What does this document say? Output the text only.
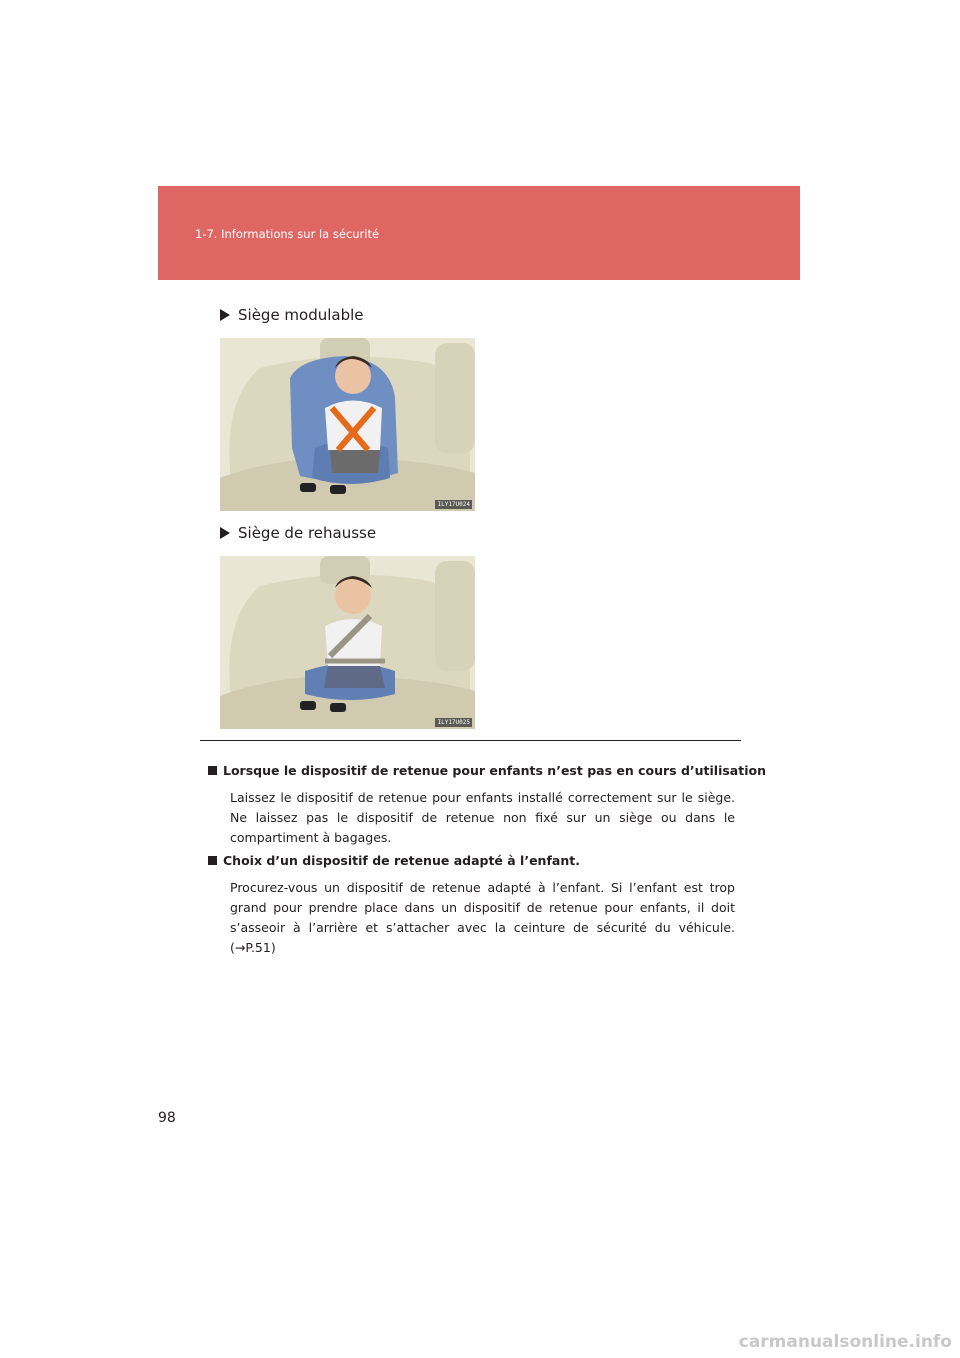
1-7. Informations sur la sécurité
Siège modulable
ILY17U024
Siège de rehausse
ILY17U025
Lorsque le dispositif de retenue pour enfants n’est pas en cours d’utilisation
Laissez le dispositif de retenue pour enfants installé correctement sur le siège. Ne laissez pas le dispositif de retenue non fixé sur un siège ou dans le compartiment à bagages.
Choix d’un dispositif de retenue adapté à l’enfant.
Procurez-vous un dispositif de retenue adapté à l’enfant. Si l’enfant est trop grand pour prendre place dans un dispositif de retenue pour enfants, il doit s’asseoir à l’arrière et s’attacher avec la ceinture de sécurité du véhicule. (→P.51)
98
carmanualsonline.info
